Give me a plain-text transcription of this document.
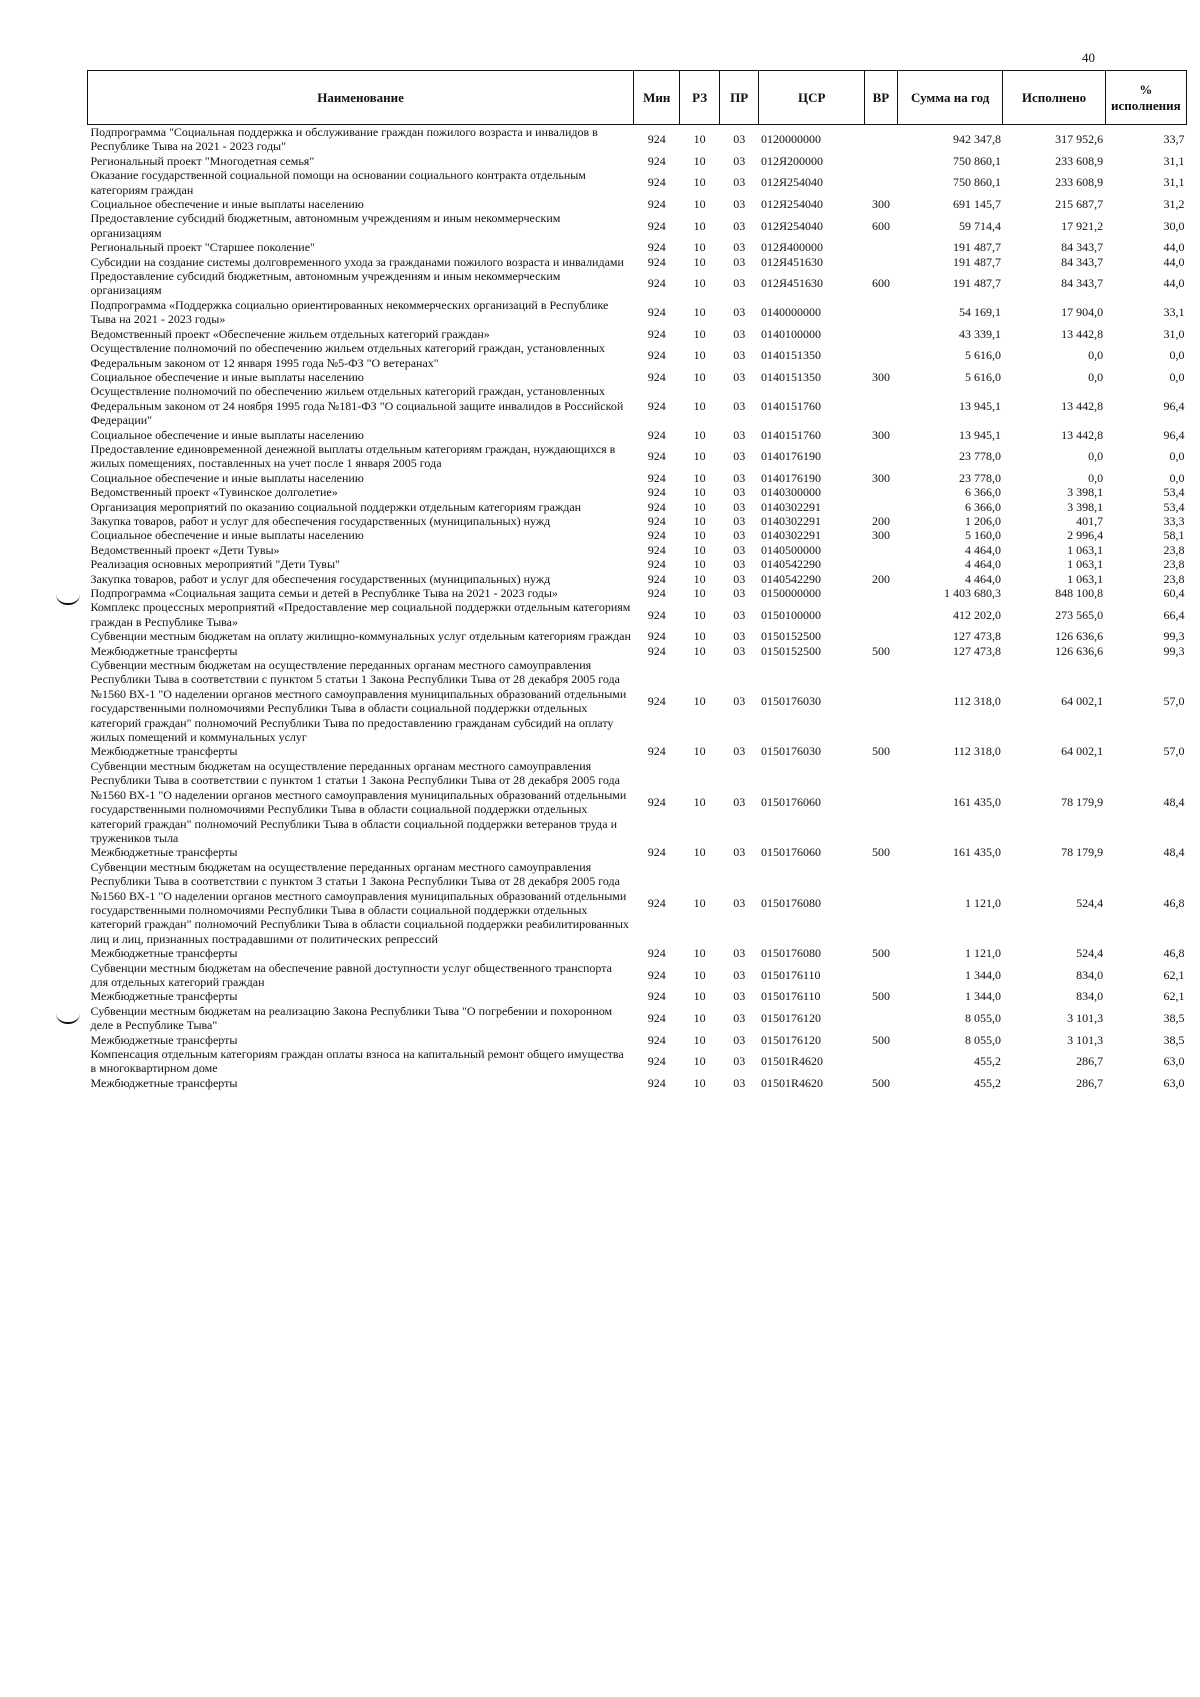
40
Наименование	Мин	РЗ	ПР	ЦСР	ВР	Сумма на год	Исполнено	% исполнения
Подпрограмма "Социальная поддержка и обслуживание граждан пожилого возраста и инвалидов в Республике Тыва на 2021 - 2023 годы"	924	10	03	0120000000		942 347,8	317 952,6	33,7
Региональный проект "Многодетная семья"	924	10	03	012Я200000		750 860,1	233 608,9	31,1
Оказание государственной социальной помощи на основании социального контракта отдельным категориям граждан	924	10	03	012Я254040		750 860,1	233 608,9	31,1
Социальное обеспечение и иные выплаты населению	924	10	03	012Я254040	300	691 145,7	215 687,7	31,2
Предоставление субсидий бюджетным, автономным учреждениям и иным некоммерческим организациям	924	10	03	012Я254040	600	59 714,4	17 921,2	30,0
Региональный проект "Старшее поколение"	924	10	03	012Я400000		191 487,7	84 343,7	44,0
Субсидии на создание системы долговременного ухода за гражданами пожилого возраста и инвалидами	924	10	03	012Я451630		191 487,7	84 343,7	44,0
Предоставление субсидий бюджетным, автономным учреждениям и иным некоммерческим организациям	924	10	03	012Я451630	600	191 487,7	84 343,7	44,0
Подпрограмма «Поддержка социально ориентированных некоммерческих организаций в Республике Тыва на 2021 - 2023 годы»	924	10	03	0140000000		54 169,1	17 904,0	33,1
Ведомственный проект «Обеспечение жильем отдельных категорий граждан»	924	10	03	0140100000		43 339,1	13 442,8	31,0
Осуществление полномочий по обеспечению жильем отдельных категорий граждан, установленных Федеральным законом от 12 января 1995 года №5-ФЗ "О ветеранах"	924	10	03	0140151350		5 616,0	0,0	0,0
Социальное обеспечение и иные выплаты населению	924	10	03	0140151350	300	5 616,0	0,0	0,0
Осуществление полномочий по обеспечению жильем отдельных категорий граждан, установленных Федеральным законом от 24 ноября 1995 года №181-ФЗ "О социальной защите инвалидов в Российской Федерации"	924	10	03	0140151760		13 945,1	13 442,8	96,4
Социальное обеспечение и иные выплаты населению	924	10	03	0140151760	300	13 945,1	13 442,8	96,4
Предоставление единовременной денежной выплаты отдельным категориям граждан, нуждающихся в жилых помещениях, поставленных на учет после 1 января 2005 года	924	10	03	0140176190		23 778,0	0,0	0,0
Социальное обеспечение и иные выплаты населению	924	10	03	0140176190	300	23 778,0	0,0	0,0
Ведомственный проект «Тувинское долголетие»	924	10	03	0140300000		6 366,0	3 398,1	53,4
Организация мероприятий по оказанию социальной поддержки отдельным категориям граждан	924	10	03	0140302291		6 366,0	3 398,1	53,4
Закупка товаров, работ и услуг для обеспечения государственных (муниципальных) нужд	924	10	03	0140302291	200	1 206,0	401,7	33,3
Социальное обеспечение и иные выплаты населению	924	10	03	0140302291	300	5 160,0	2 996,4	58,1
Ведомственный проект «Дети Тувы»	924	10	03	0140500000		4 464,0	1 063,1	23,8
Реализация основных мероприятий "Дети Тувы"	924	10	03	0140542290		4 464,0	1 063,1	23,8
Закупка товаров, работ и услуг для обеспечения государственных (муниципальных) нужд	924	10	03	0140542290	200	4 464,0	1 063,1	23,8
Подпрограмма «Социальная защита семьи и детей в Республике Тыва на 2021 - 2023 годы»	924	10	03	0150000000		1 403 680,3	848 100,8	60,4
Комплекс процессных мероприятий «Предоставление мер социальной поддержки отдельным категориям граждан в Республике Тыва»	924	10	03	0150100000		412 202,0	273 565,0	66,4
Субвенции местным бюджетам на оплату жилищно-коммунальных услуг отдельным категориям граждан	924	10	03	0150152500		127 473,8	126 636,6	99,3
Межбюджетные трансферты	924	10	03	0150152500	500	127 473,8	126 636,6	99,3
Субвенции местным бюджетам на осуществление переданных органам местного самоуправления Республики Тыва в соответствии с пунктом 5 статьи 1 Закона Республики Тыва от 28 декабря 2005 года №1560 ВХ-1 "О наделении органов местного самоуправления муниципальных образований отдельными государственными полномочиями Республики Тыва в области социальной поддержки отдельных категорий граждан" полномочий Республики Тыва по предоставлению гражданам субсидий на оплату жилых помещений и коммунальных услуг	924	10	03	0150176030		112 318,0	64 002,1	57,0
Межбюджетные трансферты	924	10	03	0150176030	500	112 318,0	64 002,1	57,0
Субвенции местным бюджетам на осуществление переданных органам местного самоуправления Республики Тыва в соответствии с пунктом 1 статьи 1 Закона Республики Тыва от 28 декабря 2005 года №1560 ВХ-1 "О наделении органов местного самоуправления муниципальных образований отдельными государственными полномочиями Республики Тыва в области социальной поддержки отдельных категорий граждан" полномочий Республики Тыва в области социальной поддержки ветеранов труда и тружеников тыла	924	10	03	0150176060		161 435,0	78 179,9	48,4
Межбюджетные трансферты	924	10	03	0150176060	500	161 435,0	78 179,9	48,4
Субвенции местным бюджетам на осуществление переданных органам местного самоуправления Республики Тыва в соответствии с пунктом 3 статьи 1 Закона Республики Тыва от 28 декабря 2005 года №1560 ВХ-1 "О наделении органов местного самоуправления муниципальных образований отдельными государственными полномочиями Республики Тыва в области социальной поддержки отдельных категорий граждан" полномочий Республики Тыва в области социальной поддержки реабилитированных лиц и лиц, признанных пострадавшими от политических репрессий	924	10	03	0150176080		1 121,0	524,4	46,8
Межбюджетные трансферты	924	10	03	0150176080	500	1 121,0	524,4	46,8
Субвенции местным бюджетам на обеспечение равной доступности услуг общественного транспорта для отдельных категорий граждан	924	10	03	0150176110		1 344,0	834,0	62,1
Межбюджетные трансферты	924	10	03	0150176110	500	1 344,0	834,0	62,1
Субвенции местным бюджетам на реализацию Закона Республики Тыва "О погребении и похоронном деле в Республике Тыва"	924	10	03	0150176120		8 055,0	3 101,3	38,5
Межбюджетные трансферты	924	10	03	0150176120	500	8 055,0	3 101,3	38,5
Компенсация отдельным категориям граждан оплаты взноса на капитальный ремонт общего имущества в многоквартирном доме	924	10	03	01501R4620		455,2	286,7	63,0
Межбюджетные трансферты	924	10	03	01501R4620	500	455,2	286,7	63,0
